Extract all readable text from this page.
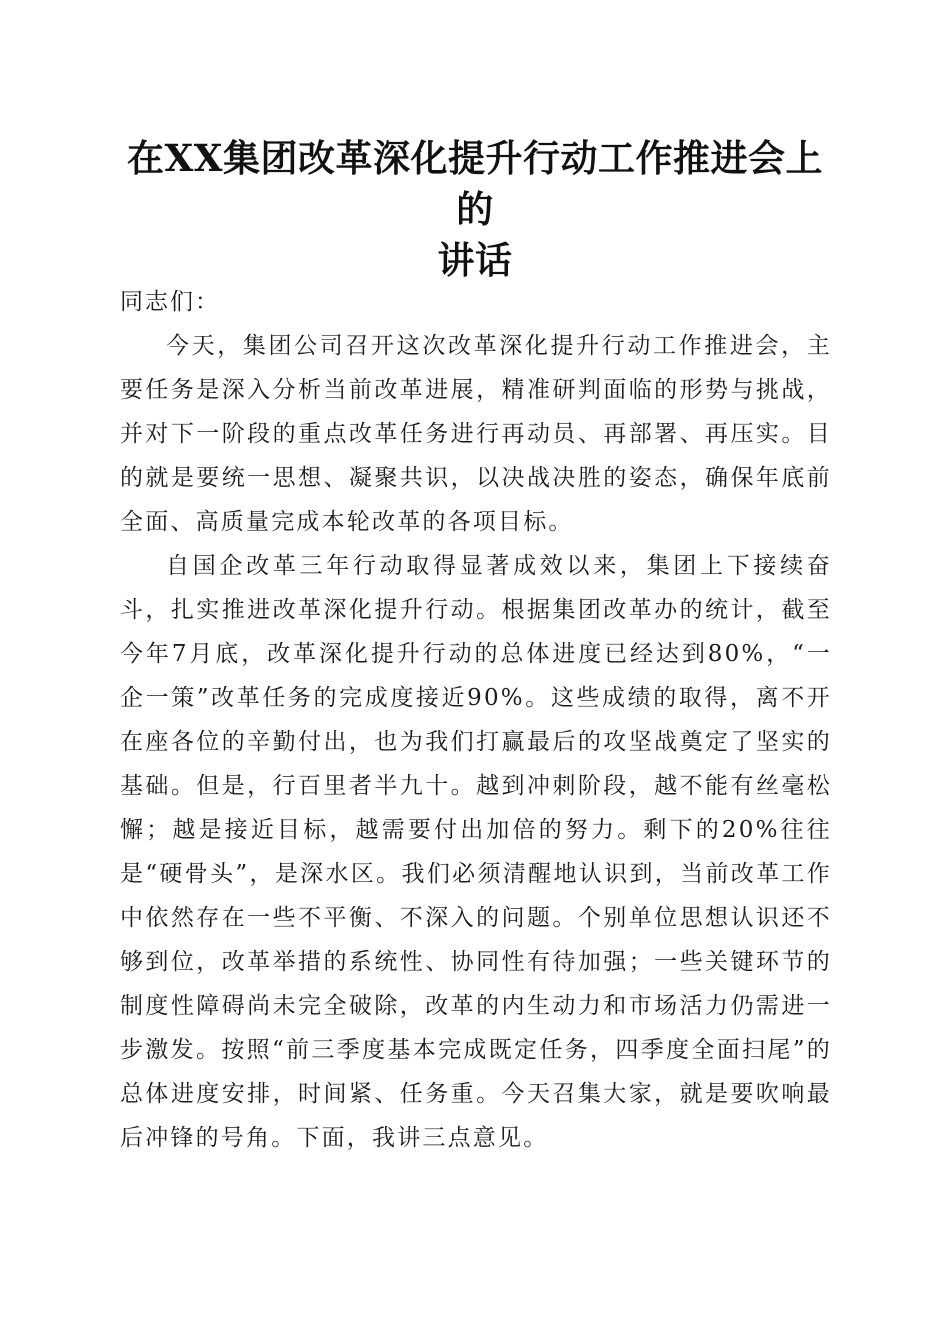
在XX集团改革深化提升行动工作推进会上的
讲话

同志们：

今天，集团公司召开这次改革深化提升行动工作推进会，主要任务是深入分析当前改革进展，精准研判面临的形势与挑战，并对下一阶段的重点改革任务进行再动员、再部署、再压实。目的就是要统一思想、凝聚共识，以决战决胜的姿态，确保年底前全面、高质量完成本轮改革的各项目标。

自国企改革三年行动取得显著成效以来，集团上下接续奋斗，扎实推进改革深化提升行动。根据集团改革办的统计，截至今年7月底，改革深化提升行动的总体进度已经达到80%，“一企一策”改革任务的完成度接近90%。这些成绩的取得，离不开在座各位的辛勤付出，也为我们打赢最后的攻坚战奠定了坚实的基础。但是，行百里者半九十。越到冲刺阶段，越不能有丝毫松懈；越是接近目标，越需要付出加倍的努力。剩下的20%往往是“硬骨头”，是深水区。我们必须清醒地认识到，当前改革工作中依然存在一些不平衡、不深入的问题。个别单位思想认识还不够到位，改革举措的系统性、协同性有待加强；一些关键环节的制度性障碍尚未完全破除，改革的内生动力和市场活力仍需进一步激发。按照“前三季度基本完成既定任务，四季度全面扫尾”的总体进度安排，时间紧、任务重。今天召集大家，就是要吹响最后冲锋的号角。下面，我讲三点意见。
